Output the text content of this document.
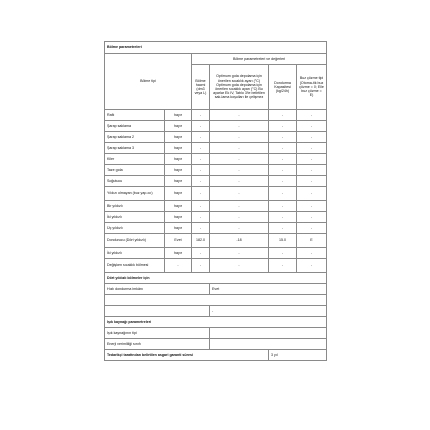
Bölme parametreleri					
Bölme tipi		Bölme parametreleri ve değerleri			
		Bölme hacmi (dm3 veya L)	Optimum gıda depolama için önerilen sıcaklık ayarı (°C) Optimum gıda depolama için önerilen sıcaklık ayarı (°C) Bu ayarlar Ek IV, Tablo 3'te belirtilen sak-lama koşulları ile çelişmez	Dondurma Kapasitesi (kg/24h)	Buz çözme tipi (Otoma-tik buz çözme = 0; Elle buz çözme = E)
Raflı	hayır	-	-	-	-
Şarap saklama	hayır	-	-	-	-
Şarap saklama 2	hayır	-	-	-	-
Şarap saklama 3	hayır	-	-	-	-
Kiler	hayır	-	-	-	-
Taze gıda	hayır	-	-	-	-
Soğutucu	hayır	-	-	-	-
Yıldızı olmayan (buz yap-ıcı)	hayır	-	-	-	-
Bir yıldızlı	hayır	-	-	-	-
İki yıldızlı	hayır	-	-	-	-
Üç yıldızlı	hayır	-	-	-	-
Dondurucu (Dört yıldızlı)	Evet	182.0	-18	15.0	E
İki yıldızlı	hayır	-	-	-	-
Değişken sıcaklık bölmesi	-	-	-	-	-
Dört yıldızlı bölmeler için					
Hızlı dondurma imkânı			Evet		

			-		
Işık kaynağı parametreleri					
Işık kaynağının tipi					
Enerji verimliliği sınıfı					
Tedarikçi tarafından belirtilen asgari garanti süresi				3 yıl	
